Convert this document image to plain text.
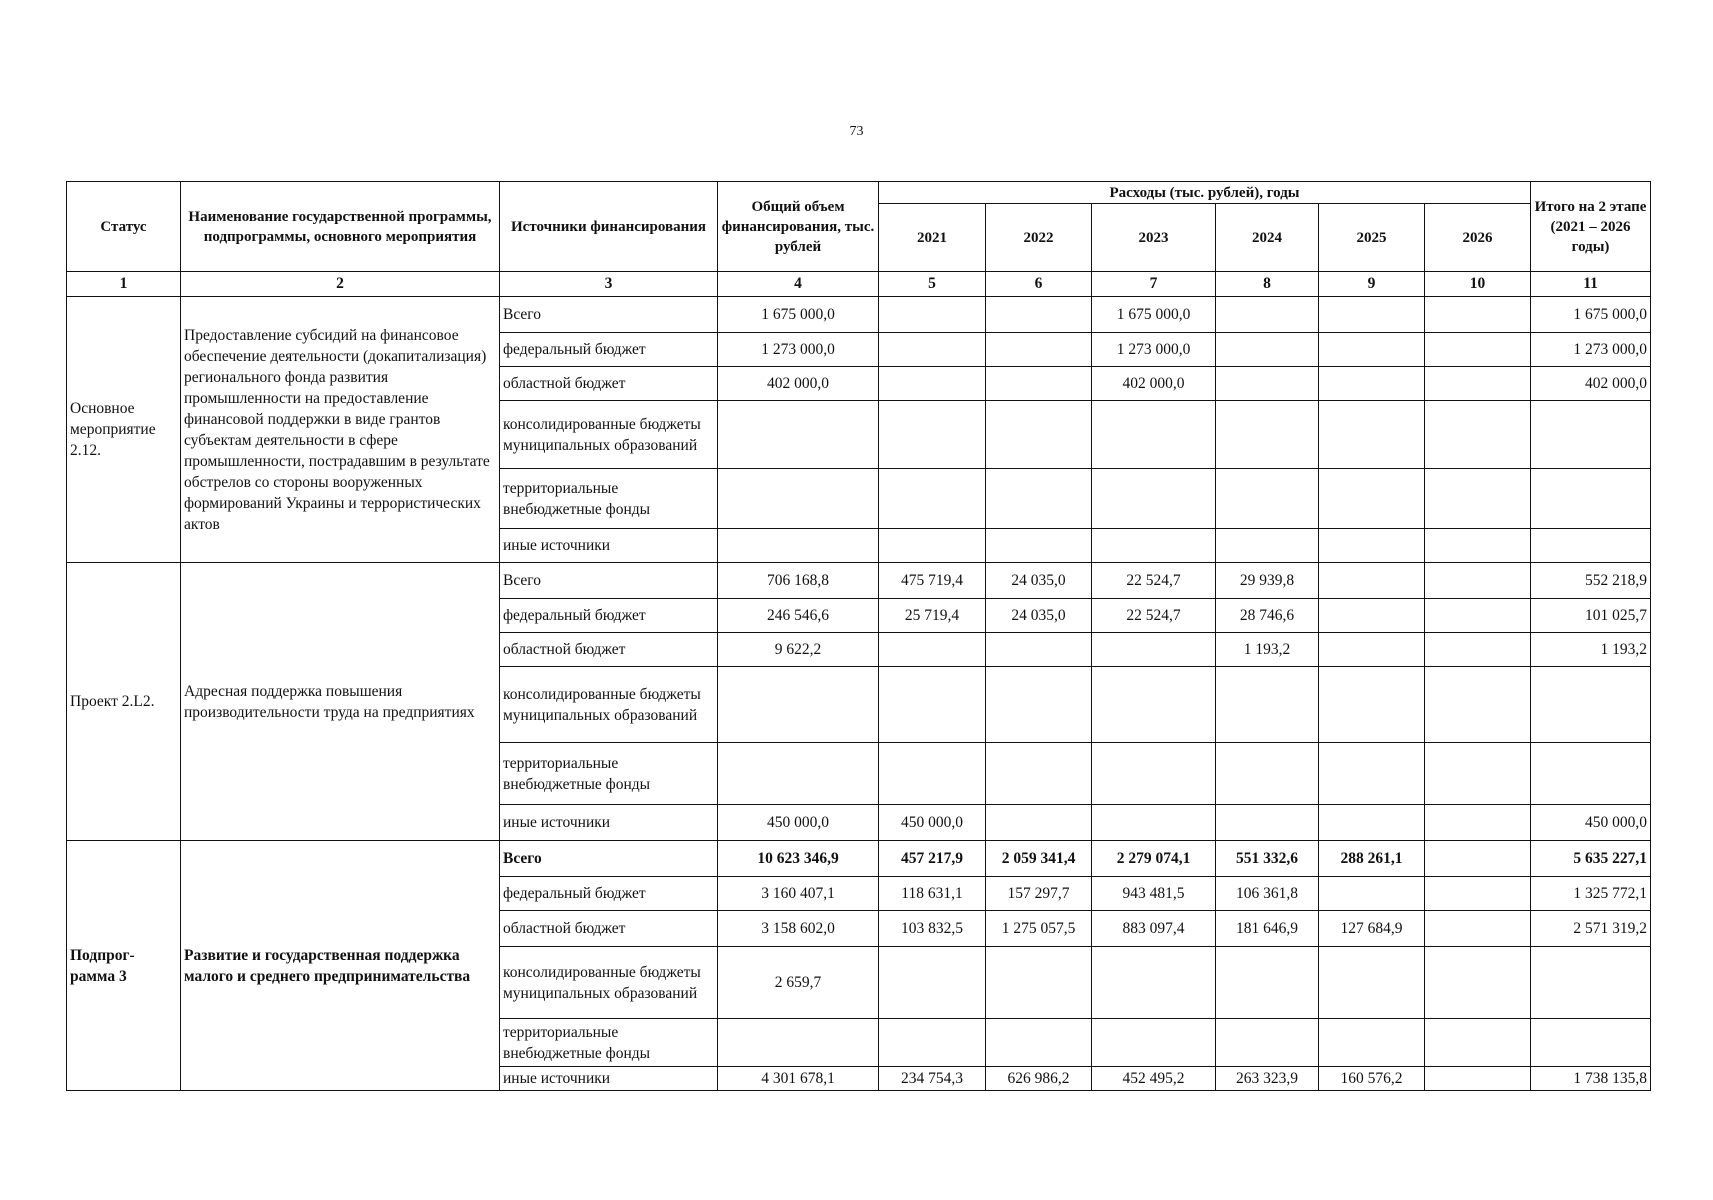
73
Статус	Наименование государственной программы, подпрограммы, основного мероприятия	Источники финансирования	Общий объем финансирования, тыс. рублей	Расходы (тыс. рублей), годы						Итого на 2 этапе (2021 – 2026 годы)
				2021	2022	2023	2024	2025	2026	
1	2	3	4	5	6	7	8	9	10	11
Основное мероприятие 2.12.	Предоставление субсидий на финансовое обеспечение деятельности (докапитализация) регионального фонда развития промышленности на предоставление финансовой поддержки в виде грантов субъектам деятельности в сфере промышленности, пострадавшим в результате обстрелов со стороны вооруженных формирований Украины и террористических актов	Всего	1 675 000,0			1 675 000,0				1 675 000,0
		федеральный бюджет	1 273 000,0			1 273 000,0				1 273 000,0
		областной бюджет	402 000,0			402 000,0				402 000,0
		консолидированные бюджеты муниципальных образований								
		территориальные внебюджетные фонды								
		иные источники								
Проект 2.L2.	Адресная поддержка повышения производительности труда на предприятиях	Всего	706 168,8	475 719,4	24 035,0	22 524,7	29 939,8			552 218,9
		федеральный бюджет	246 546,6	25 719,4	24 035,0	22 524,7	28 746,6			101 025,7
		областной бюджет	9 622,2				1 193,2			1 193,2
		консолидированные бюджеты муниципальных образований								
		территориальные внебюджетные фонды								
		иные источники	450 000,0	450 000,0						450 000,0
Подпрог- рамма 3	Развитие и государственная поддержка малого и среднего предпринимательства	Всего	10 623 346,9	457 217,9	2 059 341,4	2 279 074,1	551 332,6	288 261,1		5 635 227,1
		федеральный бюджет	3 160 407,1	118 631,1	157 297,7	943 481,5	106 361,8			1 325 772,1
		областной бюджет	3 158 602,0	103 832,5	1 275 057,5	883 097,4	181 646,9	127 684,9		2 571 319,2
		консолидированные бюджеты муниципальных образований	2 659,7							
		территориальные внебюджетные фонды								
		иные источники	4 301 678,1	234 754,3	626 986,2	452 495,2	263 323,9	160 576,2		1 738 135,8
